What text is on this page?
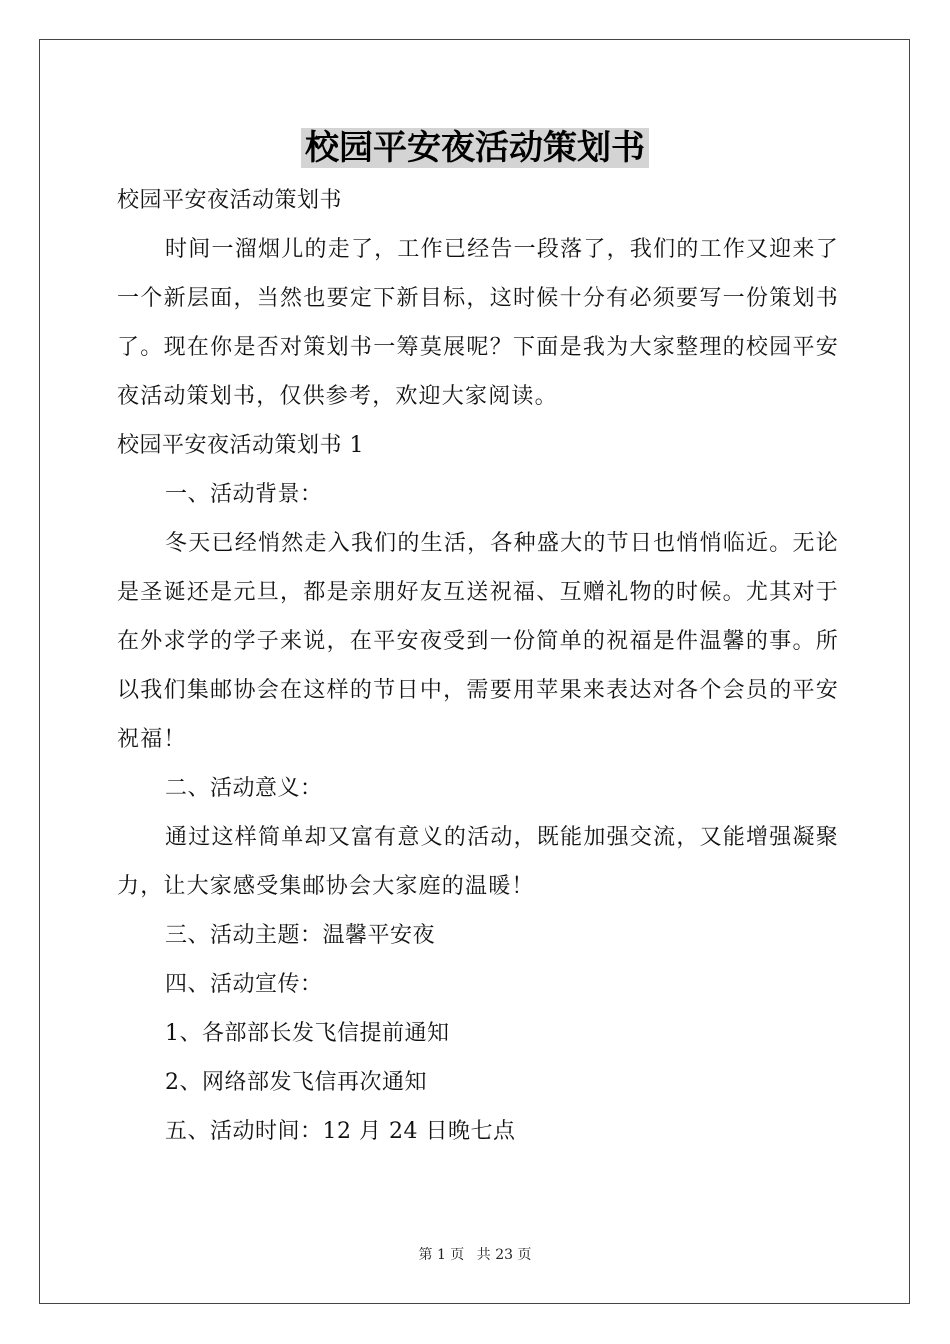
校园平安夜活动策划书

校园平安夜活动策划书

时间一溜烟儿的走了，工作已经告一段落了，我们的工作又迎来了一个新层面，当然也要定下新目标，这时候十分有必须要写一份策划书了。现在你是否对策划书一筹莫展呢？下面是我为大家整理的校园平安夜活动策划书，仅供参考，欢迎大家阅读。

校园平安夜活动策划书 1

一、活动背景：

冬天已经悄然走入我们的生活，各种盛大的节日也悄悄临近。无论是圣诞还是元旦，都是亲朋好友互送祝福、互赠礼物的时候。尤其对于在外求学的学子来说，在平安夜受到一份简单的祝福是件温馨的事。所以我们集邮协会在这样的节日中，需要用苹果来表达对各个会员的平安祝福！

二、活动意义：

通过这样简单却又富有意义的活动，既能加强交流，又能增强凝聚力，让大家感受集邮协会大家庭的温暖！

三、活动主题：温馨平安夜

四、活动宣传：

1、各部部长发飞信提前通知

2、网络部发飞信再次通知

五、活动时间：12 月 24 日晚七点

第 1 页 共 23 页
